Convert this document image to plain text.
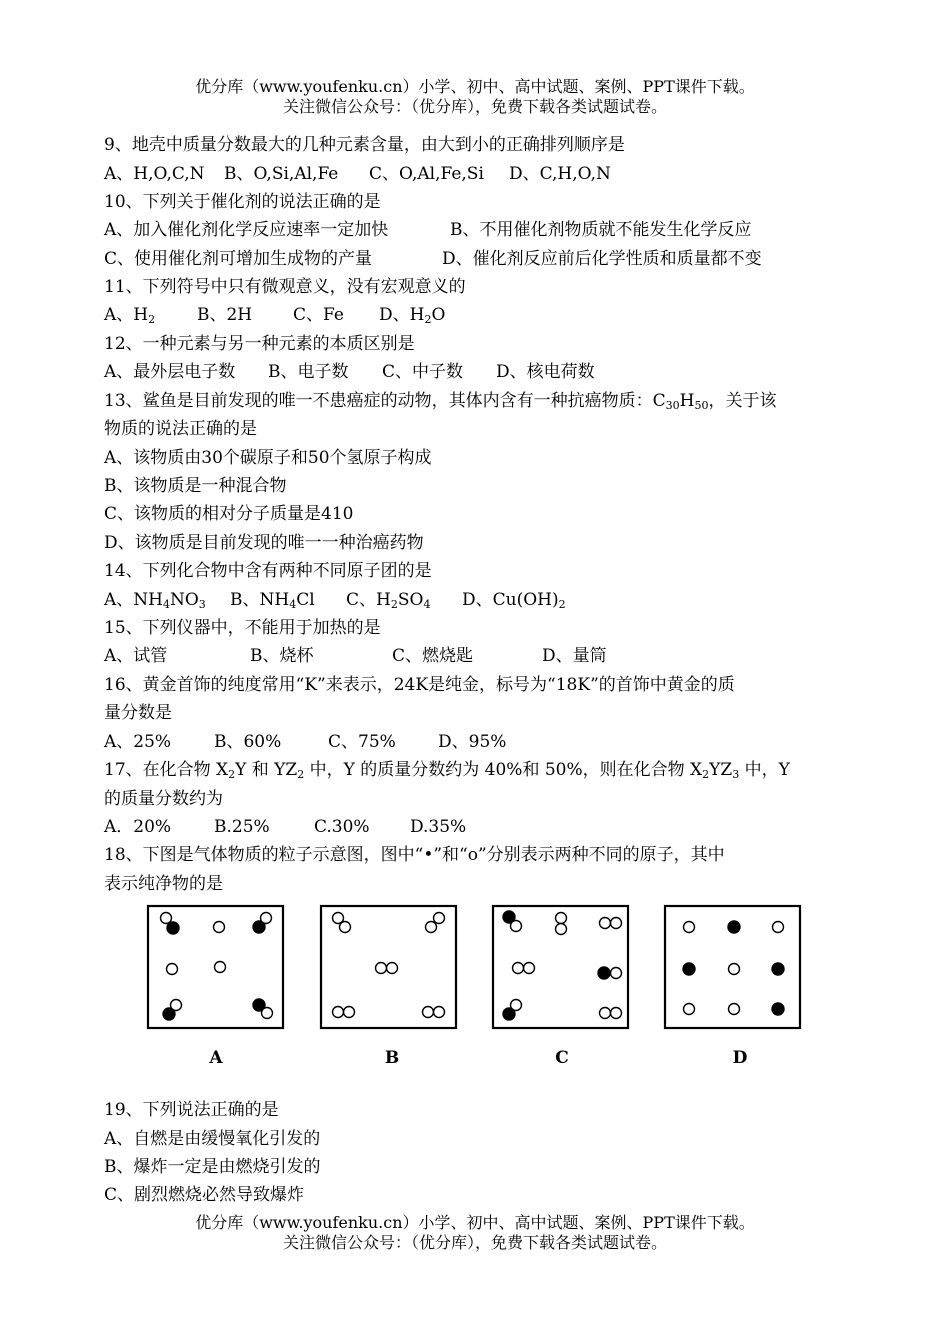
优分库（www.youfenku.cn）小学、初中、高中试题、案例、PPT课件下载。
关注微信公众号：（优分库），免费下载各类试题试卷。
9、地壳中质量分数最大的几种元素含量，由大到小的正确排列顺序是
A、H,O,C,N B、O,Si,Al,Fe C、O,Al,Fe,Si D、C,H,O,N
10、下列关于催化剂的说法正确的是
A、加入催化剂化学反应速率一定加快	B、不用催化剂物质就不能发生化学反应
C、使用催化剂可增加生成物的产量	D、催化剂反应前后化学性质和质量都不变
11、下列符号中只有微观意义，没有宏观意义的
A、$H_2$ B、2H C、Fe D、$H_2O$
12、一种元素与另一种元素的本质区别是
A、最外层电子数 B、电子数 C、中子数 D、核电荷数
13、鲨鱼是目前发现的唯一不患癌症的动物，其体内含有一种抗癌物质：$C_{30}H_{50}$，关于该
物质的说法正确的是
A、该物质由30个碳原子和50个氢原子构成
B、该物质是一种混合物
C、该物质的相对分子质量是410
D、该物质是目前发现的唯一一种治癌药物
14、下列化合物中含有两种不同原子团的是
A、$NH_4NO_3$ B、$NH_4Cl$ C、$H_2SO_4$ D、$Cu(OH)_2$
15、下列仪器中，不能用于加热的是
A、试管	B、烧杯	C、燃烧匙	D、量筒
16、黄金首饰的纯度常用“K”来表示，24K是纯金，标号为“18K”的首饰中黄金的质
量分数是
A、25%	B、60%	C、75% D、95%
17、在化合物 $X_2Y$ 和 $YZ_2$ 中，Y 的质量分数约为 40%和 50%，则在化合物 $X_2YZ_3$ 中，Y
的质量分数约为
A．20%	B.25%	C.30% D.35%
18、下图是气体物质的粒子示意图，图中“•”和“o”分别表示两种不同的原子，其中
表示纯净物的是
A	B	C	D
19、下列说法正确的是
A、自燃是由缓慢氧化引发的
B、爆炸一定是由燃烧引发的
C、剧烈燃烧必然导致爆炸
优分库（www.youfenku.cn）小学、初中、高中试题、案例、PPT课件下载。
关注微信公众号：（优分库），免费下载各类试题试卷。
